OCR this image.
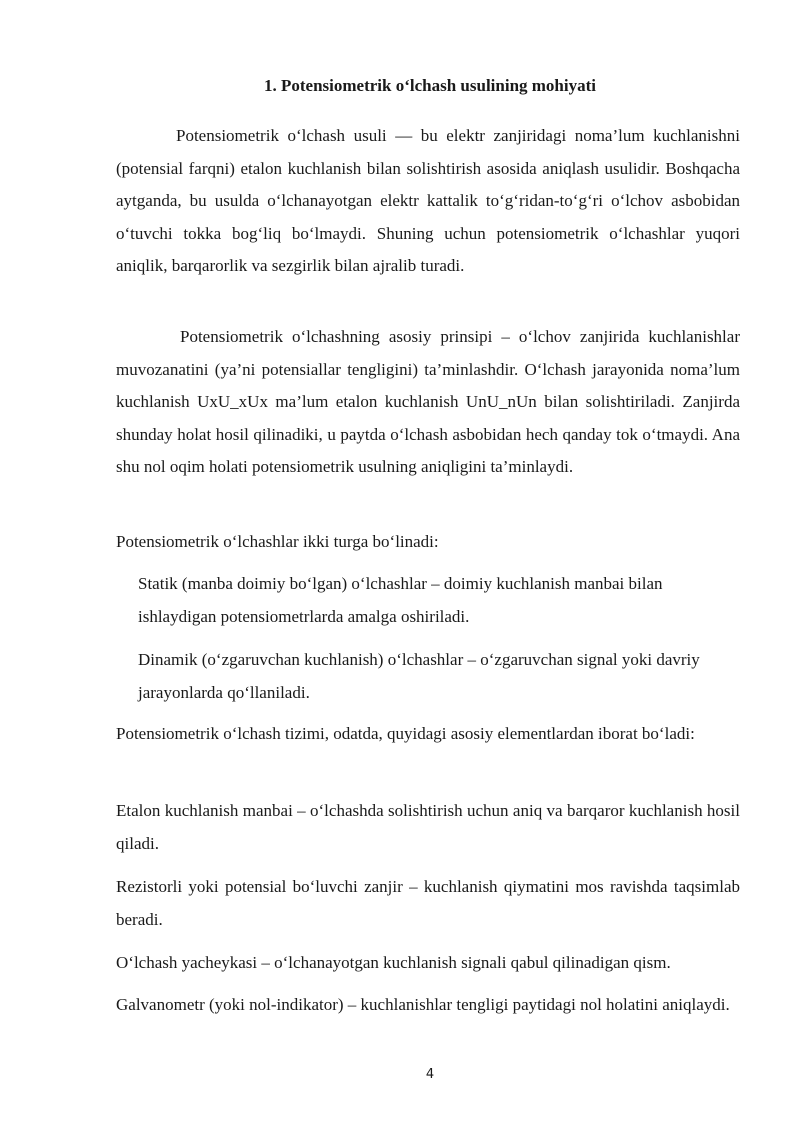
1. Potensiometrik o‘lchash usulining mohiyati
Potensiometrik o‘lchash usuli — bu elektr zanjiridagi noma’lum kuchlanishni (potensial farqni) etalon kuchlanish bilan solishtirish asosida aniqlash usulidir. Boshqacha aytganda, bu usulda o‘lchanayotgan elektr kattalik to‘g‘ridan-to‘g‘ri o‘lchov asbobidan o‘tuvchi tokka bog‘liq bo‘lmaydi. Shuning uchun potensiometrik o‘lchashlar yuqori aniqlik, barqarorlik va sezgirlik bilan ajralib turadi.
Potensiometrik o‘lchashning asosiy prinsipi – o‘lchov zanjirida kuchlanishlar muvozanatini (ya’ni potensiallar tengligini) ta’minlashdir. O‘lchash jarayonida noma’lum kuchlanish UxU_xUx ma’lum etalon kuchlanish UnU_nUn bilan solishtiriladi. Zanjirda shunday holat hosil qilinadiki, u paytda o‘lchash asbobidan hech qanday tok o‘tmaydi. Ana shu nol oqim holati potensiometrik usulning aniqligini ta’minlaydi.
Potensiometrik o‘lchashlar ikki turga bo‘linadi:
Statik (manba doimiy bo‘lgan) o‘lchashlar – doimiy kuchlanish manbai bilan ishlaydigan potensiometrlarda amalga oshiriladi.
Dinamik (o‘zgaruvchan kuchlanish) o‘lchashlar – o‘zgaruvchan signal yoki davriy jarayonlarda qo‘llaniladi.
Potensiometrik o‘lchash tizimi, odatda, quyidagi asosiy elementlardan iborat bo‘ladi:
Etalon kuchlanish manbai – o‘lchashda solishtirish uchun aniq va barqaror kuchlanish hosil qiladi.
Rezistorli yoki potensial bo‘luvchi zanjir – kuchlanish qiymatini mos ravishda taqsimlab beradi.
O‘lchash yacheykasi – o‘lchanayotgan kuchlanish signali qabul qilinadigan qism.
Galvanometr (yoki nol-indikator) – kuchlanishlar tengligi paytidagi nol holatini aniqlaydi.
4
